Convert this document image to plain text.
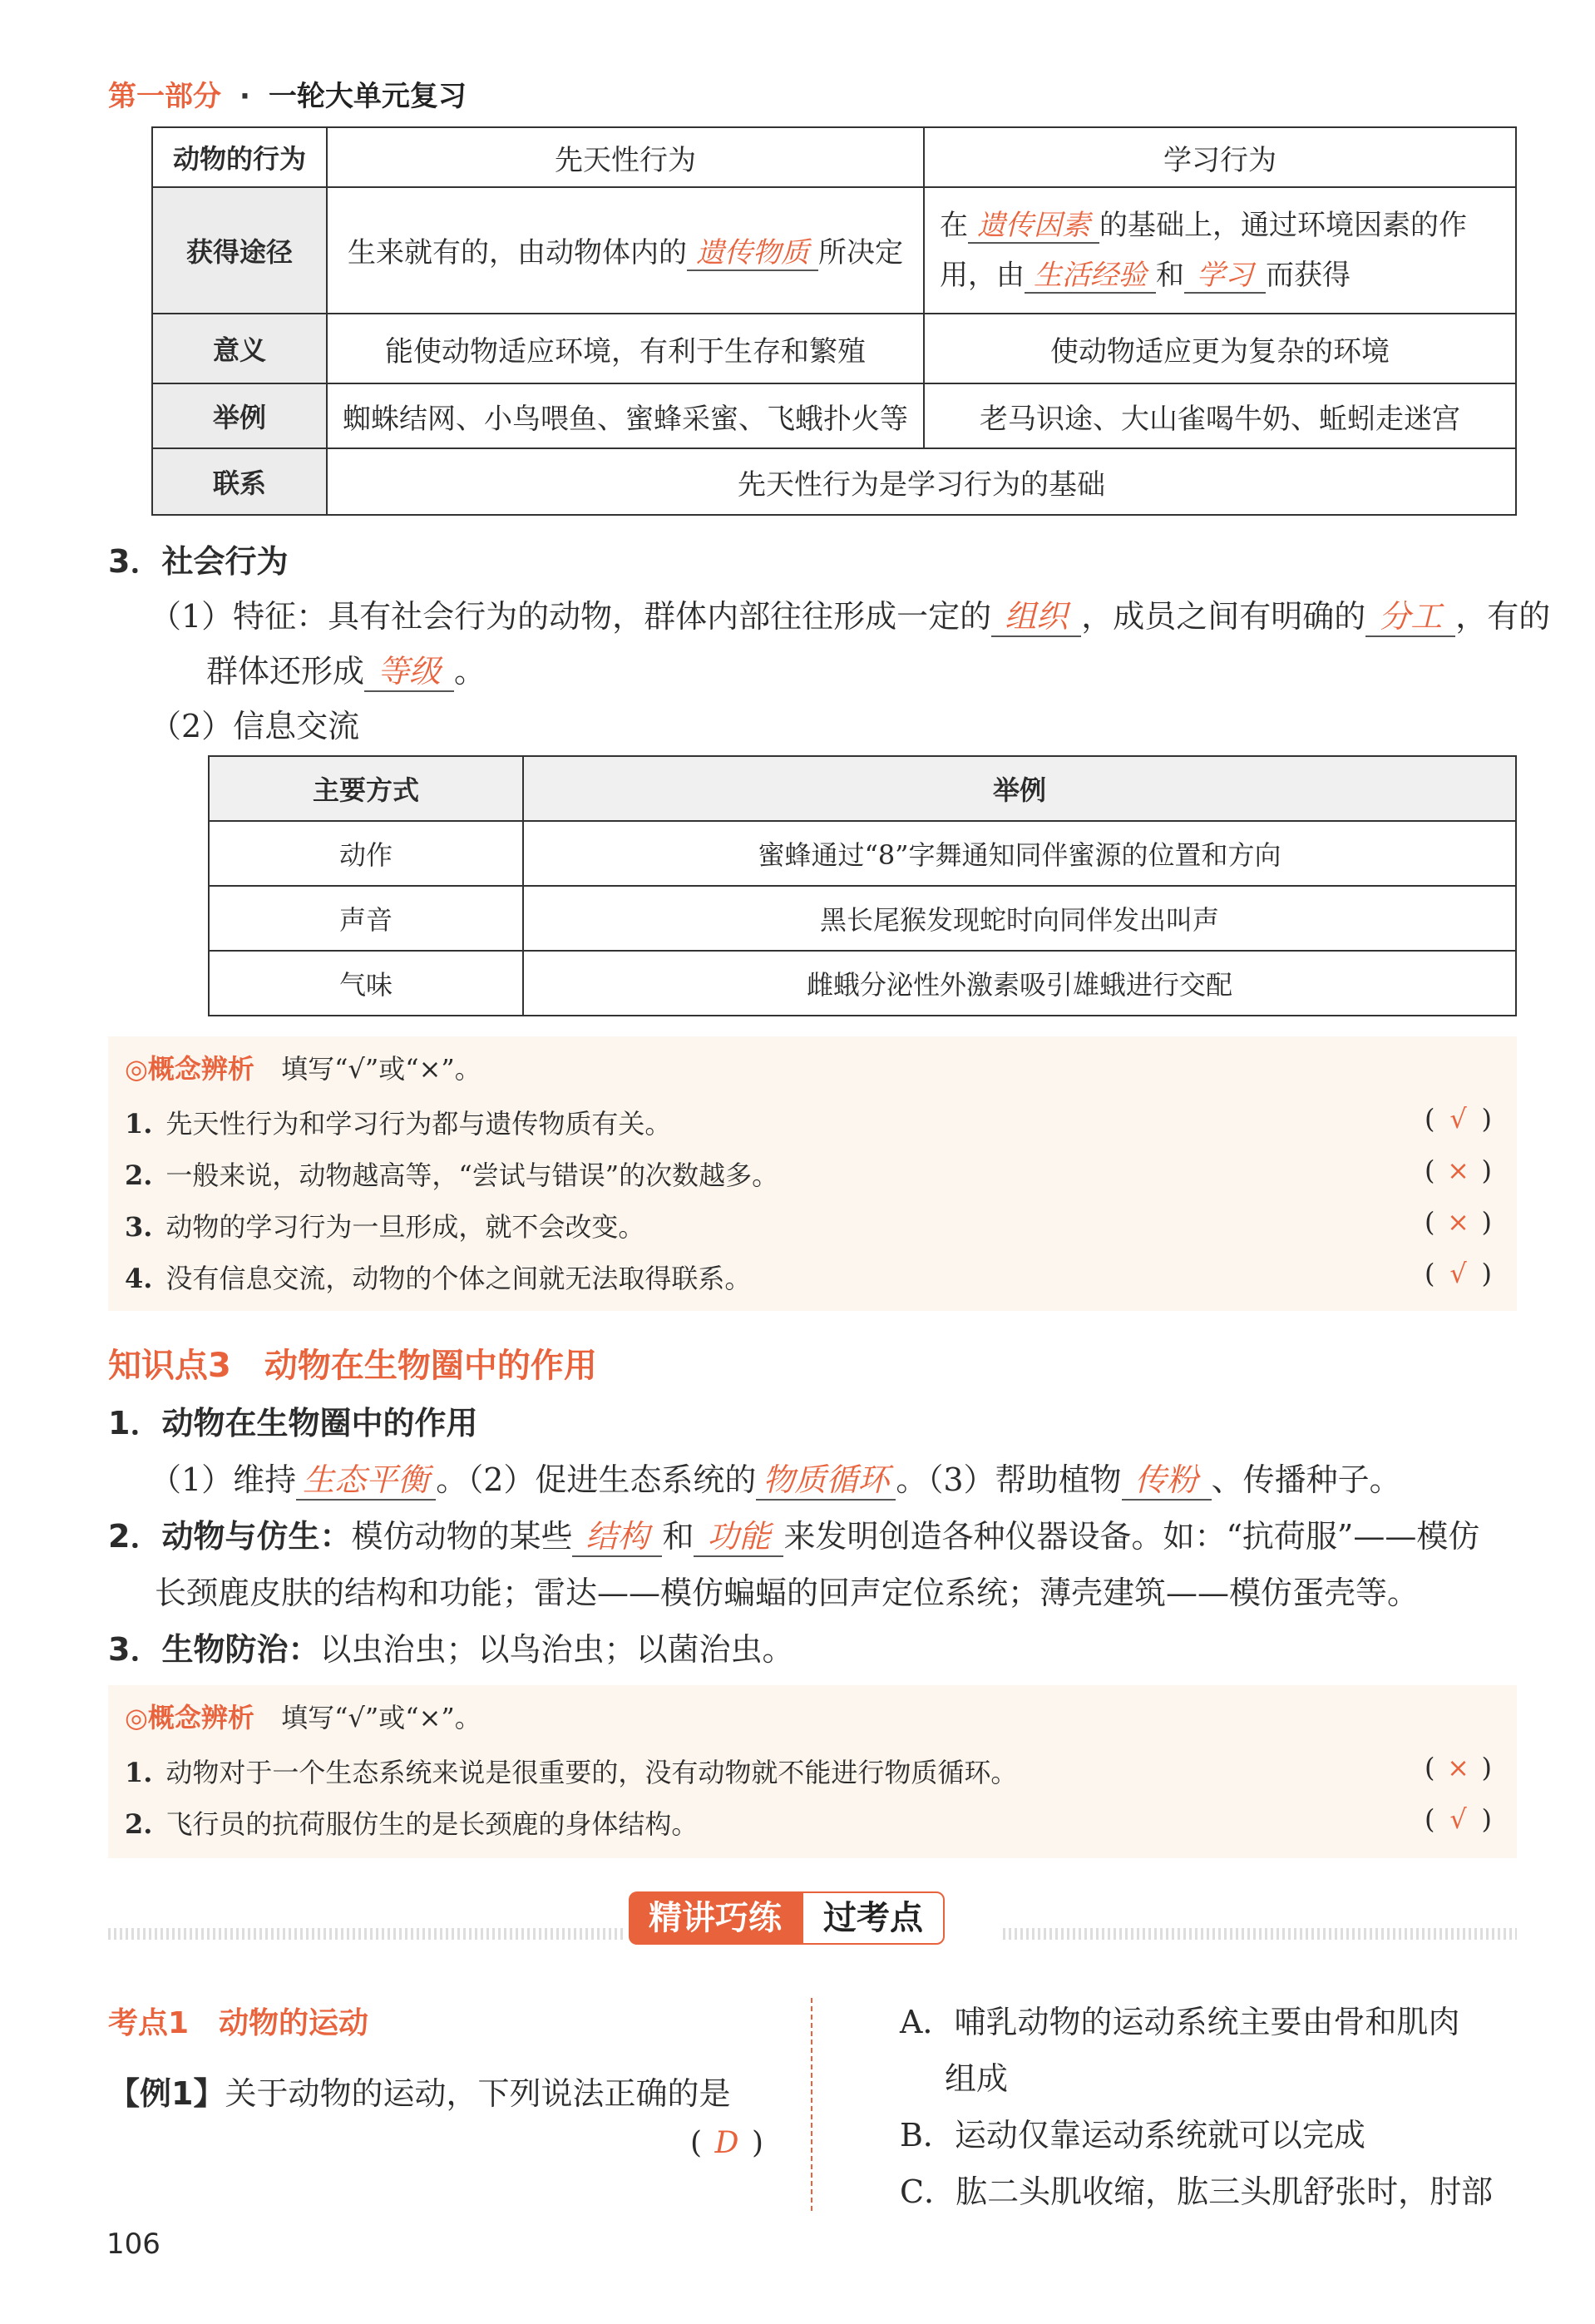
第一部分 · 一轮大单元复习
动物的行为	先天性行为	学习行为
获得途径	生来就有的，由动物体内的 遗传物质 所决定	在 遗传因素 的基础上，通过环境因素的作用，由 生活经验 和 学习 而获得
意义	能使动物适应环境，有利于生存和繁殖	使动物适应更为复杂的环境
举例	蜘蛛结网、小鸟喂鱼、蜜蜂采蜜、飞蛾扑火等	老马识途、大山雀喝牛奶、蚯蚓走迷宫
联系	先天性行为是学习行为的基础	
3．社会行为
（1）特征：具有社会行为的动物，群体内部往往形成一定的 组织 ，成员之间有明确的 分工 ，有的
群体还形成 等级 。
（2）信息交流
主要方式	举例
动作	蜜蜂通过“8”字舞通知同伴蜜源的位置和方向
声音	黑长尾猴发现蛇时向同伴发出叫声
气味	雌蛾分泌性外激素吸引雄蛾进行交配
◎概念辨析 填写“√”或“×”。
1. 先天性行为和学习行为都与遗传物质有关。	( √ )
2. 一般来说，动物越高等，“尝试与错误”的次数越多。	( × )
3. 动物的学习行为一旦形成，就不会改变。	( × )
4. 没有信息交流，动物的个体之间就无法取得联系。	( √ )
知识点3　动物在生物圈中的作用
1．动物在生物圈中的作用
（1）维持 生态平衡 。（2）促进生态系统的 物质循环 。（3）帮助植物 传粉 、传播种子。
2．动物与仿生：模仿动物的某些 结构 和 功能 来发明创造各种仪器设备。如：“抗荷服”——模仿
长颈鹿皮肤的结构和功能；雷达——模仿蝙蝠的回声定位系统；薄壳建筑——模仿蛋壳等。
3．生物防治：以虫治虫；以鸟治虫；以菌治虫。
◎概念辨析 填写“√”或“×”。
1. 动物对于一个生态系统来说是很重要的，没有动物就不能进行物质循环。	( × )
2. 飞行员的抗荷服仿生的是长颈鹿的身体结构。	( √ )
精讲巧练	过考点
考点1　动物的运动
【例1】关于动物的运动，下列说法正确的是
( D )
A．哺乳动物的运动系统主要由骨和肌肉
组成
B．运动仅靠运动系统就可以完成
C．肱二头肌收缩，肱三头肌舒张时，肘部
106
